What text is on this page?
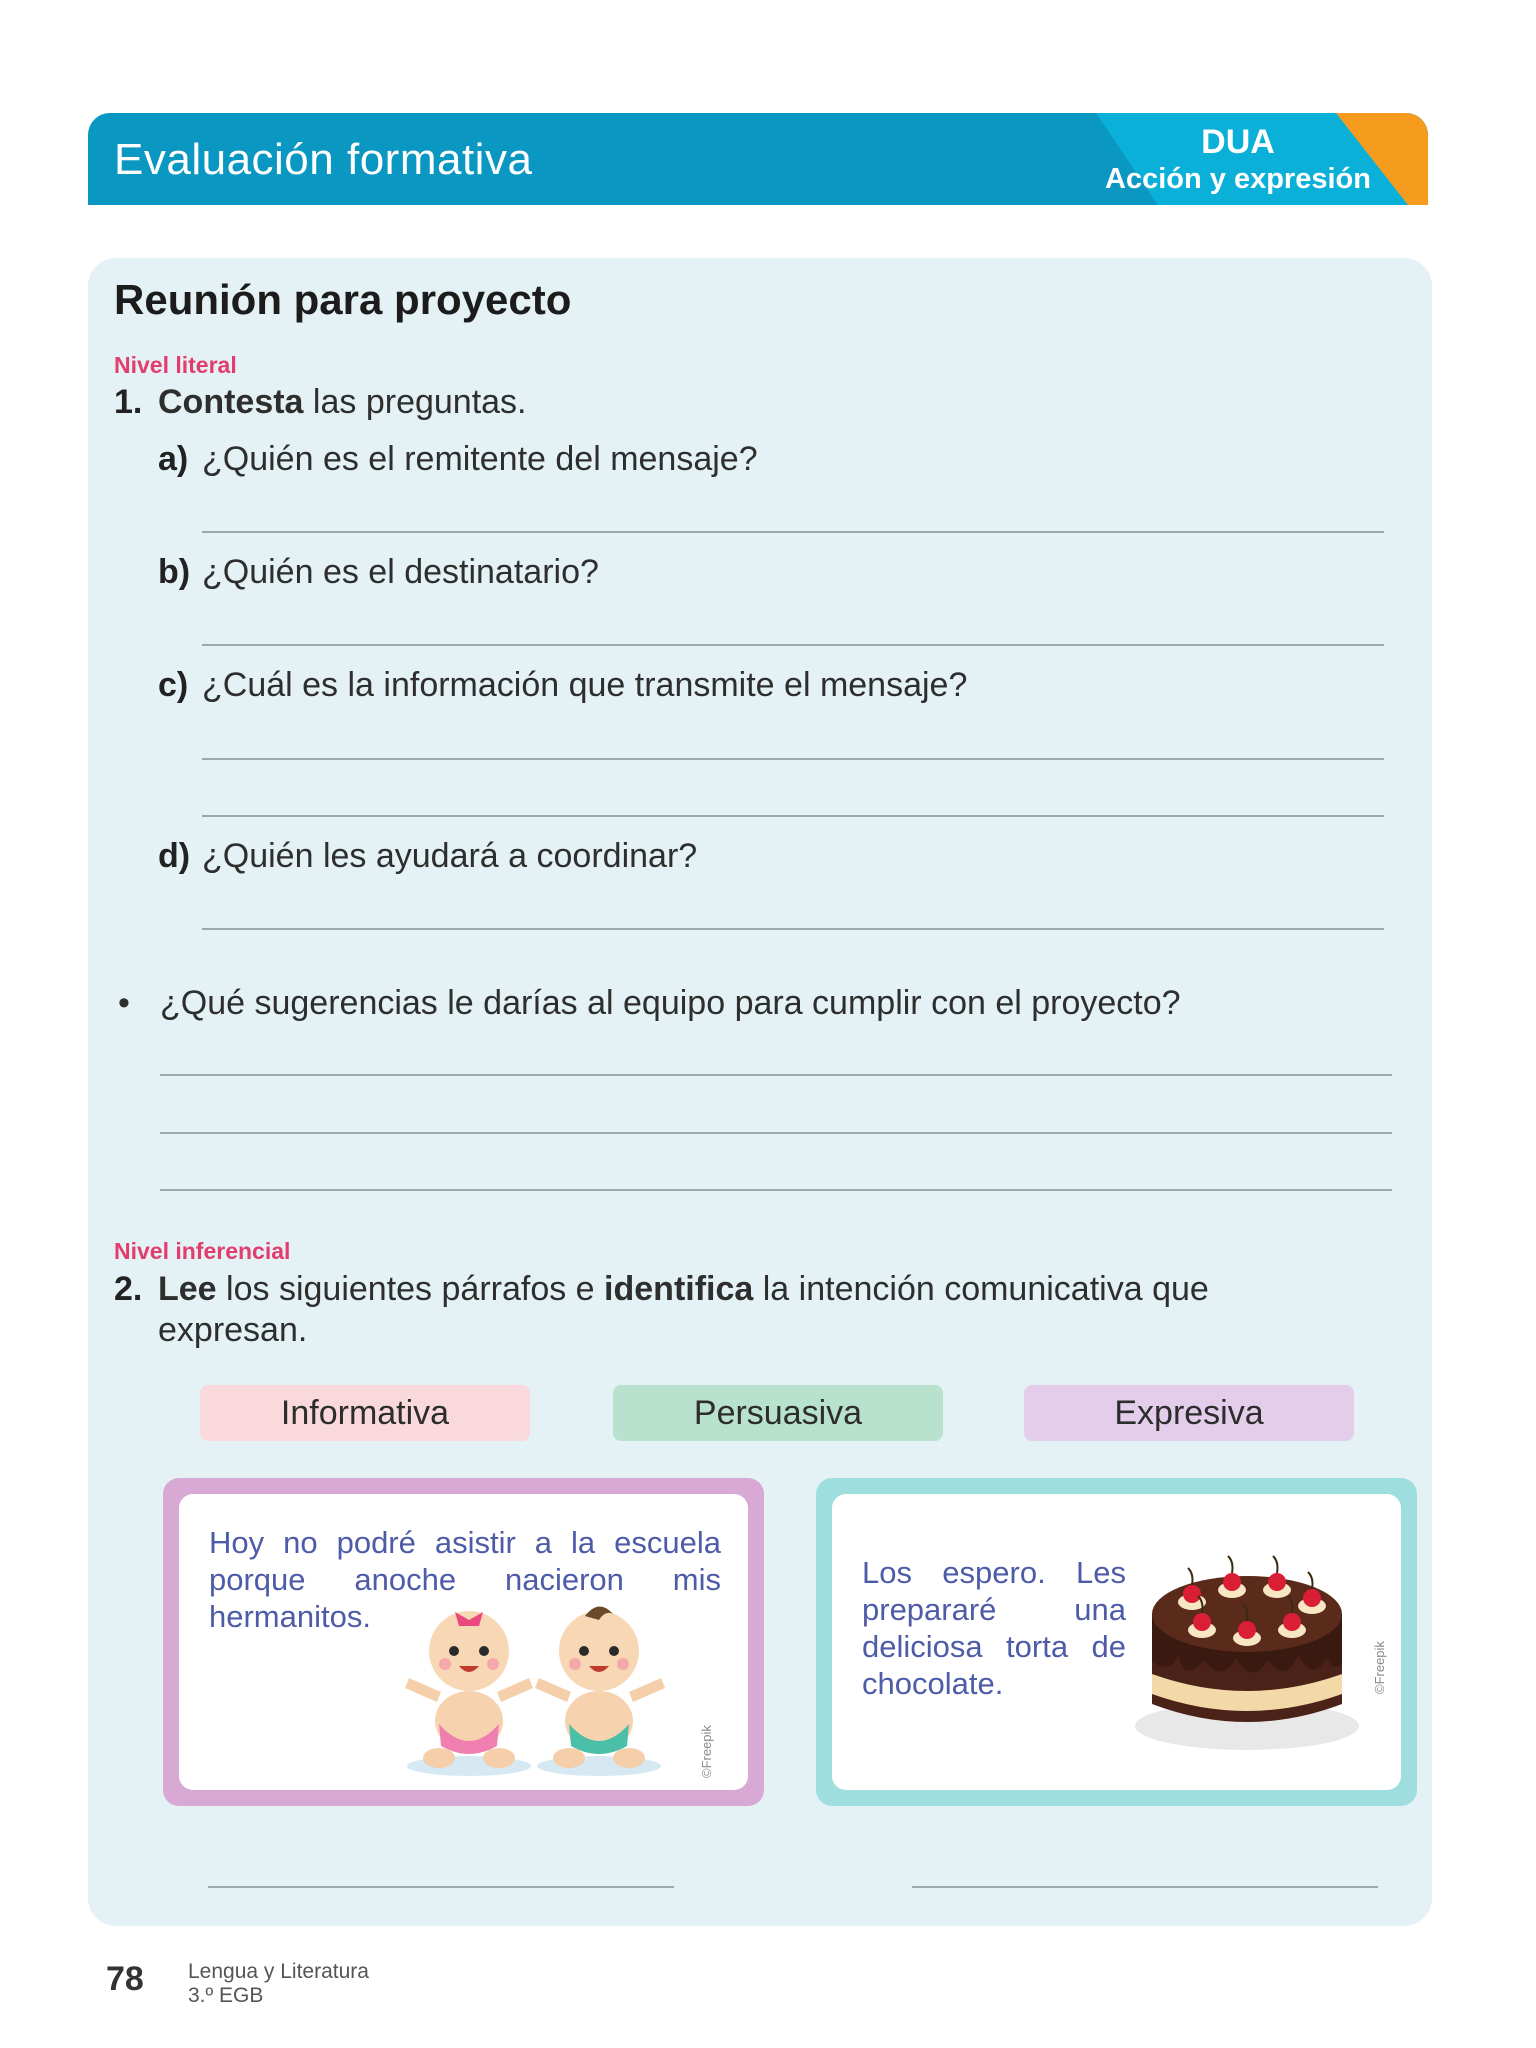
Evaluación formativa	DUA
Acción y expresión
Reunión para proyecto
Nivel literal
1. Contesta las preguntas.
a) ¿Quién es el remitente del mensaje?
b) ¿Quién es el destinatario?
c) ¿Cuál es la información que transmite el mensaje?
d) ¿Quién les ayudará a coordinar?
• ¿Qué sugerencias le darías al equipo para cumplir con el proyecto?
Nivel inferencial
2. Lee los siguientes párrafos e identifica la intención comunicativa que
expresan.
Informativa	Persuasiva	Expresiva
Hoy no podré asistir a la escuela porque anoche nacieron mis hermanitos.
©Freepik
Los espero. Les prepararé una deliciosa torta de chocolate.	©Freepik
78 Lengua y Literatura
3.º EGB
